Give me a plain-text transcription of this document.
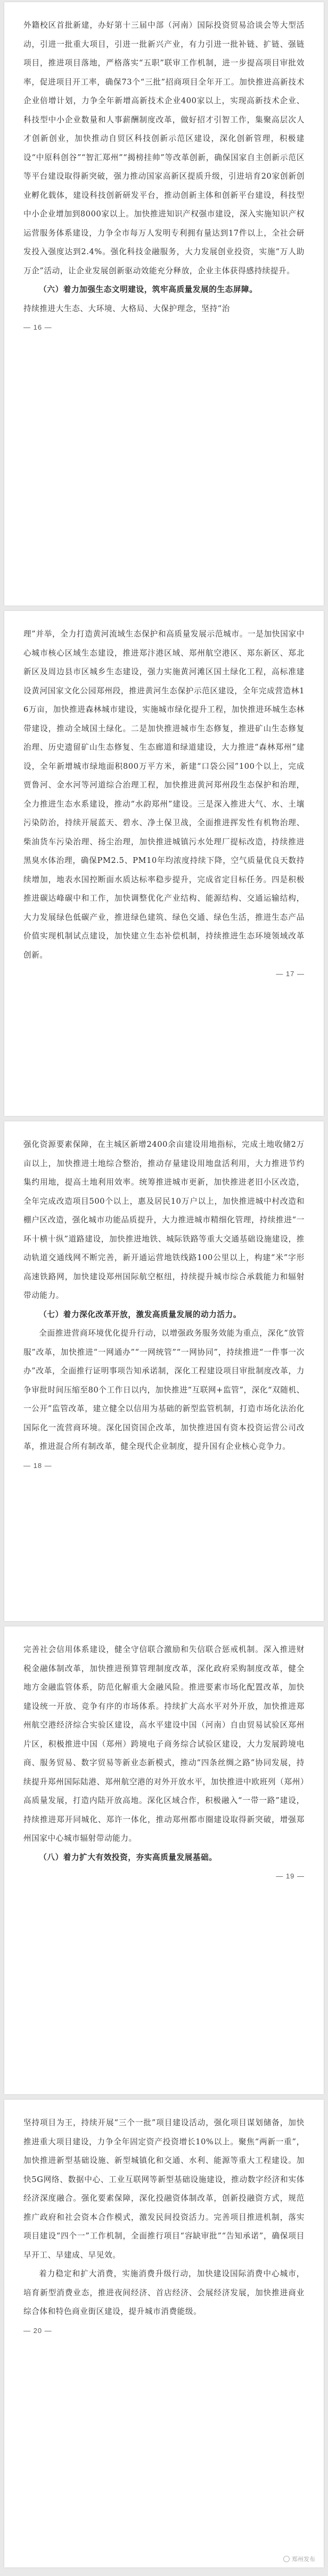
外籍校区首批新建，办好第十三届中部（河南）国际投资贸易洽谈会等大型活动，引进一批重大项目，引进一批新兴产业，有力引进一批补链、扩链、强链项目，推进项目落地，严格落实“五职”联审工作机制，进一步提高项目审批效率，促进项目开工率，确保73个“三批”招商项目全年开工。加快推进高新技术企业倍增计划，力争全年新增高新技术企业400家以上，实现高新技术企业、科技型中小企业数量和人事薪酬制度改革，做好招才引智工作，集聚高层次人才创新创业，加快推动自贸区科技创新示范区建设，深化创新管理，积极建设“中原科创谷”“智汇郑州”“揭榜挂帅”等改革创新，确保国家自主创新示范区等平台建设取得新突破，强力推动国家高新区提质升级，引进培育20家创新创业孵化载体，建设科技创新研发平台，推动创新主体和创新平台建设，科技型中小企业增加到8000家以上。加快推进知识产权强市建设，深入实施知识产权运营服务体系建设，力争全市每万人发明专利拥有量达到17件以上，全社会研发投入强度达到2.4%。强化科技金融服务，大力发展创业投资，实施“万人助万企”活动，让企业发展创新驱动效能充分释放，企业主体获得感持续提升。

（六）着力加强生态文明建设，筑牢高质量发展的生态屏障。

持续推进大生态、大环境、大格局、大保护理念，坚持“治

— 16 —

理”并举，全力打造黄河流域生态保护和高质量发展示范城市。一是加快国家中心城市核心区域生态建设，推进郑汴港区域、郑州航空港区、郑东新区、郑北新区及周边县市区城乡生态建设，强力实施黄河滩区国土绿化工程，高标准建设黄河国家文化公园郑州段，推进黄河生态保护示范区建设，全年完成营造林16万亩，加快推进森林城市建设，实施城市绿化提升工程，加快推进环城生态林带建设，推动全域国土绿化。二是加快推进城市生态修复，推进矿山生态修复治理、历史遗留矿山生态修复、生态廊道和绿道建设，大力推进“森林郑州”建设，全年新增城市绿地面积800万平方米，新建“口袋公园”100个以上，完成贾鲁河、金水河等河道综合治理工程，加快推进黄河郑州段生态保护和治理，全力推进生态水系建设，推动“水韵郑州”建设。三是深入推进大气、水、土壤污染防治，持续开展蓝天、碧水、净土保卫战，全面推进挥发性有机物治理、柴油货车污染治理、扬尘治理，加快推进城镇污水处理厂提标改造，持续推进黑臭水体治理，确保PM2.5、PM10年均浓度持续下降，空气质量优良天数持续增加，地表水国控断面水质达标率稳步提升，完成省定目标任务。四是积极推进碳达峰碳中和工作，加快调整优化产业结构、能源结构、交通运输结构，大力发展绿色低碳产业，推进绿色建筑、绿色交通、绿色生活，推进生态产品价值实现机制试点建设，加快建立生态补偿机制，持续推进生态环境领域改革创新。

— 17 —

强化资源要素保障，在主城区新增2400余亩建设用地指标，完成土地收储2万亩以上，加快推进土地综合整治，推动存量建设用地盘活利用，大力推进节约集约用地，提高土地利用效率。统筹推进城市更新，加快推进老旧小区改造，全年完成改造项目500个以上，惠及居民10万户以上，加快推进城中村改造和棚户区改造，强化城市功能品质提升，大力推进城市精细化管理，持续推进“一环十横十纵”道路建设，加快推进地铁、城际铁路等重大交通基础设施建设，推动轨道交通线网不断完善，新开通运营地铁线路100公里以上，构建“米”字形高速铁路网，加快建设郑州国际航空枢纽，持续提升城市综合承载能力和辐射带动能力。

（七）着力深化改革开放，激发高质量发展的动力活力。

全面推进营商环境优化提升行动，以增强政务服务效能为重点，深化“放管服”改革，加快推进“一网通办”“一网统管”“一网协同”，持续推进“一件事一次办”改革，全面推行证明事项告知承诺制，深化工程建设项目审批制度改革，力争审批时间压缩至80个工作日以内，加快推进“互联网+监管”，深化“双随机、一公开”监管改革，建立健全以信用为基础的新型监管机制，打造市场化法治化国际化一流营商环境。深化国资国企改革，加快推进国有资本投资运营公司改革，推进混合所有制改革，健全现代企业制度，提升国有企业核心竞争力。

— 18 —

完善社会信用体系建设，健全守信联合激励和失信联合惩戒机制。深入推进财税金融体制改革，加快推进预算管理制度改革，深化政府采购制度改革，健全地方金融监管体系，防范化解重大金融风险。推进要素市场化配置改革，加快建设统一开放、竞争有序的市场体系。持续扩大高水平对外开放，加快推进郑州航空港经济综合实验区建设，高水平建设中国（河南）自由贸易试验区郑州片区，积极推进中国（郑州）跨境电子商务综合试验区建设，大力发展跨境电商、服务贸易、数字贸易等新业态新模式，推动“四条丝绸之路”协同发展，持续提升郑州国际陆港、郑州航空港的对外开放水平，加快推进中欧班列（郑州）高质量发展，打造内陆开放高地。深化区域合作，积极融入“一带一路”建设，持续推进郑开同城化、郑许一体化，推动郑州都市圈建设取得新突破，增强郑州国家中心城市辐射带动能力。

（八）着力扩大有效投资，夯实高质量发展基础。

— 19 —

坚持项目为王，持续开展“三个一批”项目建设活动，强化项目谋划储备，加快推进重大项目建设，力争全年固定资产投资增长10%以上。聚焦“两新一重”，加快推进新型基础设施、新型城镇化和交通、水利、能源等重大工程建设。加快5G网络、数据中心、工业互联网等新型基础设施建设，推动数字经济和实体经济深度融合。强化要素保障，深化投融资体制改革，创新投融资方式，规范推广政府和社会资本合作模式，激发民间投资活力。完善项目推进机制，落实项目建设“四个一”工作机制，全面推行项目“容缺审批”“告知承诺”，确保项目早开工、早建成、早见效。

着力稳定和扩大消费，实施消费升级行动，加快建设国际消费中心城市，培育新型消费业态，推进夜间经济、首店经济、会展经济发展，加快推进商业综合体和特色商业街区建设，提升城市消费能级。

— 20 —
郑州发布
